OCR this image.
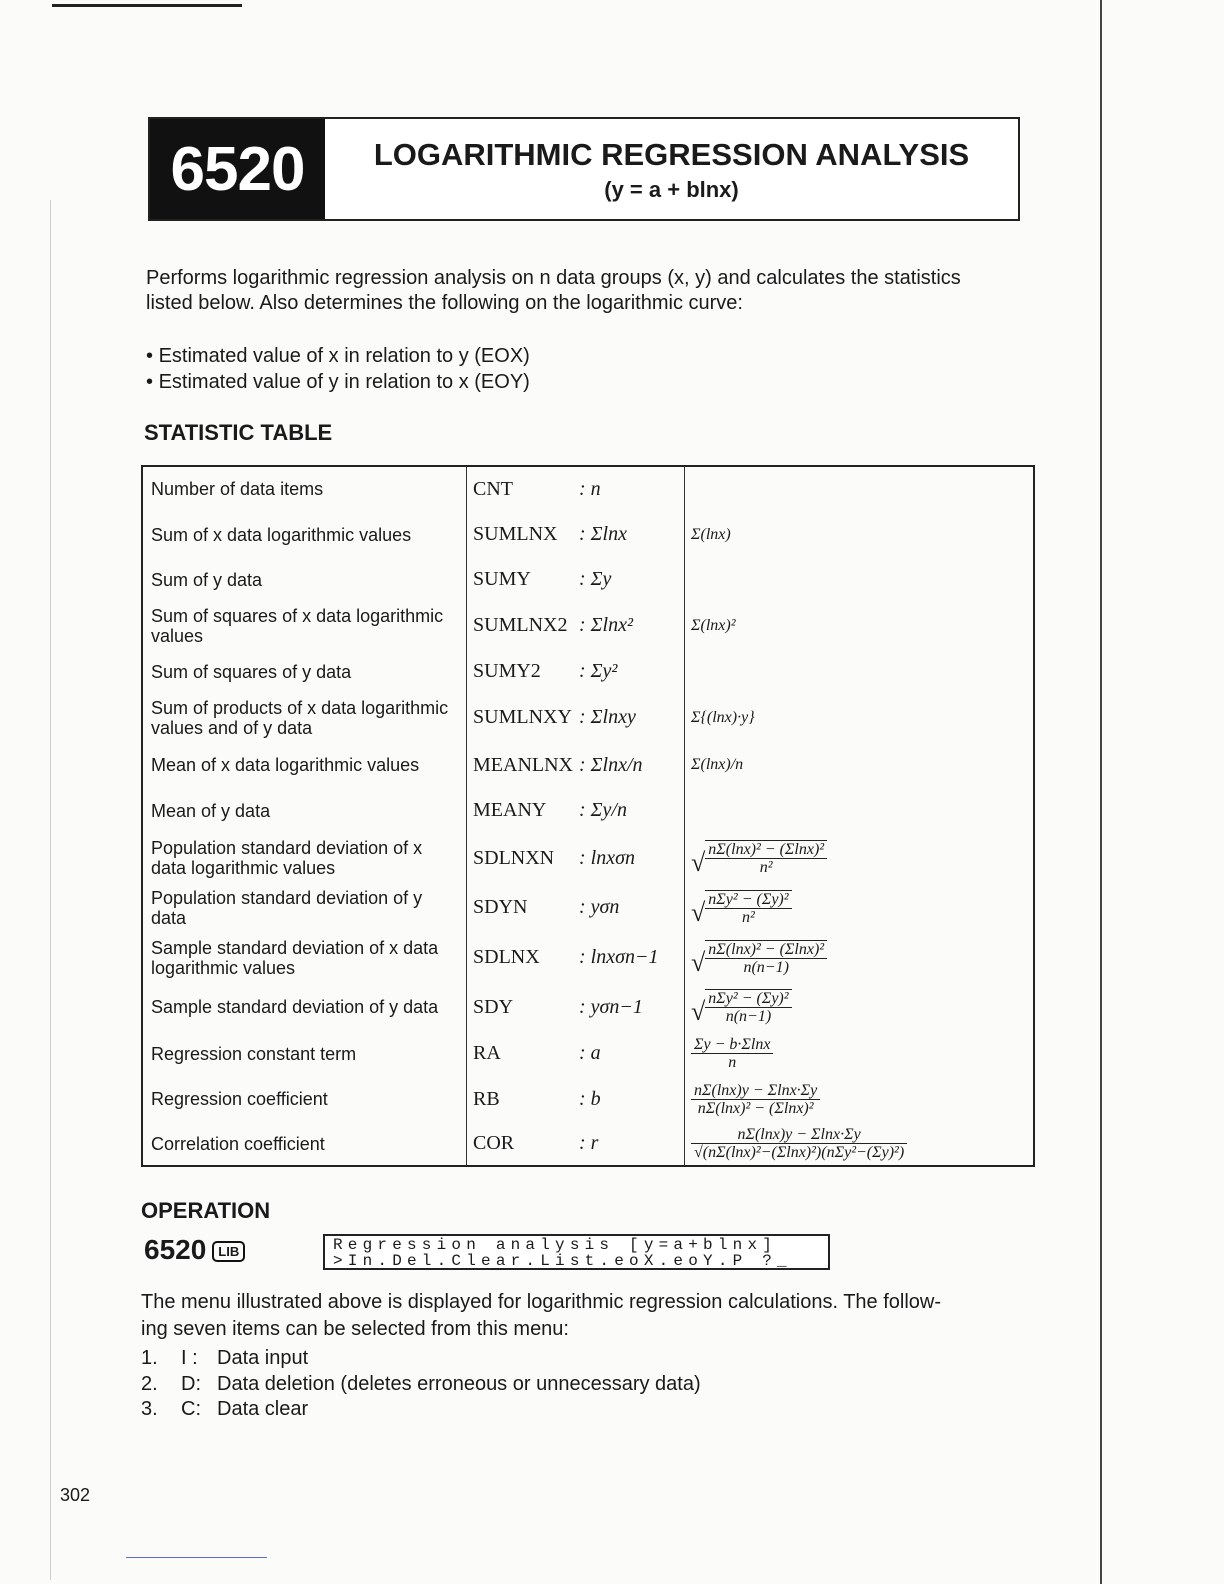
6520	LOGARITHMIC REGRESSION ANALYSIS
(y = a + blnx)
Performs logarithmic regression analysis on n data groups (x, y) and calculates the statistics
listed below. Also determines the following on the logarithmic curve:
• Estimated value of x in relation to y (EOX)
• Estimated value of y in relation to x (EOY)
STATISTIC TABLE
Number of data items	CNT : n	
Sum of x data logarithmic values	SUMLNX : Σlnx	Σ(lnx)
Sum of y data	SUMY : Σy	
Sum of squares of x data logarithmic values	SUMLNX2 : Σlnx²	Σ(lnx)²
Sum of squares of y data	SUMY2 : Σy²	
Sum of products of x data logarithmic values and of y data	SUMLNXY : Σlnxy	Σ{(lnx)·y}
Mean of x data logarithmic values	MEANLNX : Σlnx/n	Σ(lnx)/n
Mean of y data	MEANY : Σy/n	
Population standard deviation of x data logarithmic values	SDLNXN : lnxσn	√ $\frac{\text{nΣ(lnx)² − (Σlnx)²}}{\text{n²}}$

Population standard deviation of y data	SDYN : yσn	√ $\frac{\text{nΣy² − (Σy)²}}{\text{n²}}$

Sample standard deviation of x data logarithmic values	SDLNX : lnxσn−1	√ $\frac{\text{nΣ(lnx)² − (Σlnx)²}}{n(n-1)}$

Sample standard deviation of y data	SDY : yσn−1	√ $\frac{\text{nΣy² − (Σy)²}}{n(n-1)}$

Regression constant term	RA : a	$\frac{\Sigma y - b\cdot\Sigma\ln x}{n}$

Regression coefficient	RB : b	$\frac{n\Sigma(\ln x)y - \Sigma\ln x\cdot\Sigma y}{\text{nΣ(lnx)² − (Σlnx)²}}$

Correlation coefficient	COR : r	$\frac{n\Sigma(\ln x)y - \Sigma\ln x\cdot\Sigma y}{\text{√(nΣ(lnx)²−(Σlnx)²)(nΣy²−(Σy)²)}}$
OPERATION
6520 LIB	Regression analysis [y=a+blnx]
>In.Del.Clear.List.eoX.eoY.P ?_
The menu illustrated above is displayed for logarithmic regression calculations. The follow-
ing seven items can be selected from this menu:
1. I : Data input
2. D: Data deletion (deletes erroneous or unnecessary data)
3. C: Data clear
302
